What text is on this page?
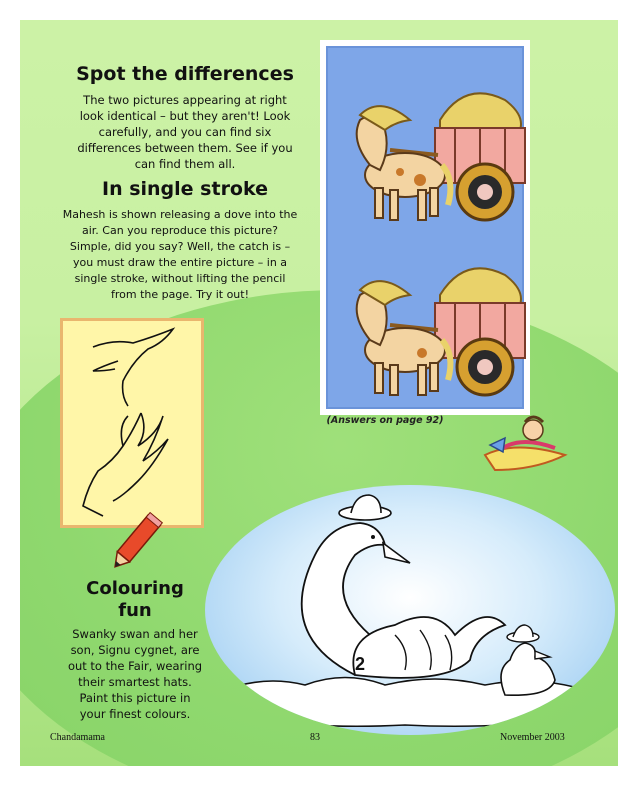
Spot the differences

The two pictures appearing at right

look identical – but they aren't! Look

carefully, and you can find six

differences between them. See if you

can find them all.

In single stroke

Mahesh is shown releasing a dove into the

air. Can you reproduce this picture?

Simple, did you say? Well, the catch is –

you must draw the entire picture – in a

single stroke, without lifting the pencil

from the page. Try it out!

(Answers on page 92)
Colouring
fun

Swanky swan and her

son, Signu cygnet, are

out to the Fair, wearing

their smartest hats.

Paint this picture in

your finest colours.

2
Chandamama	83	November 2003
